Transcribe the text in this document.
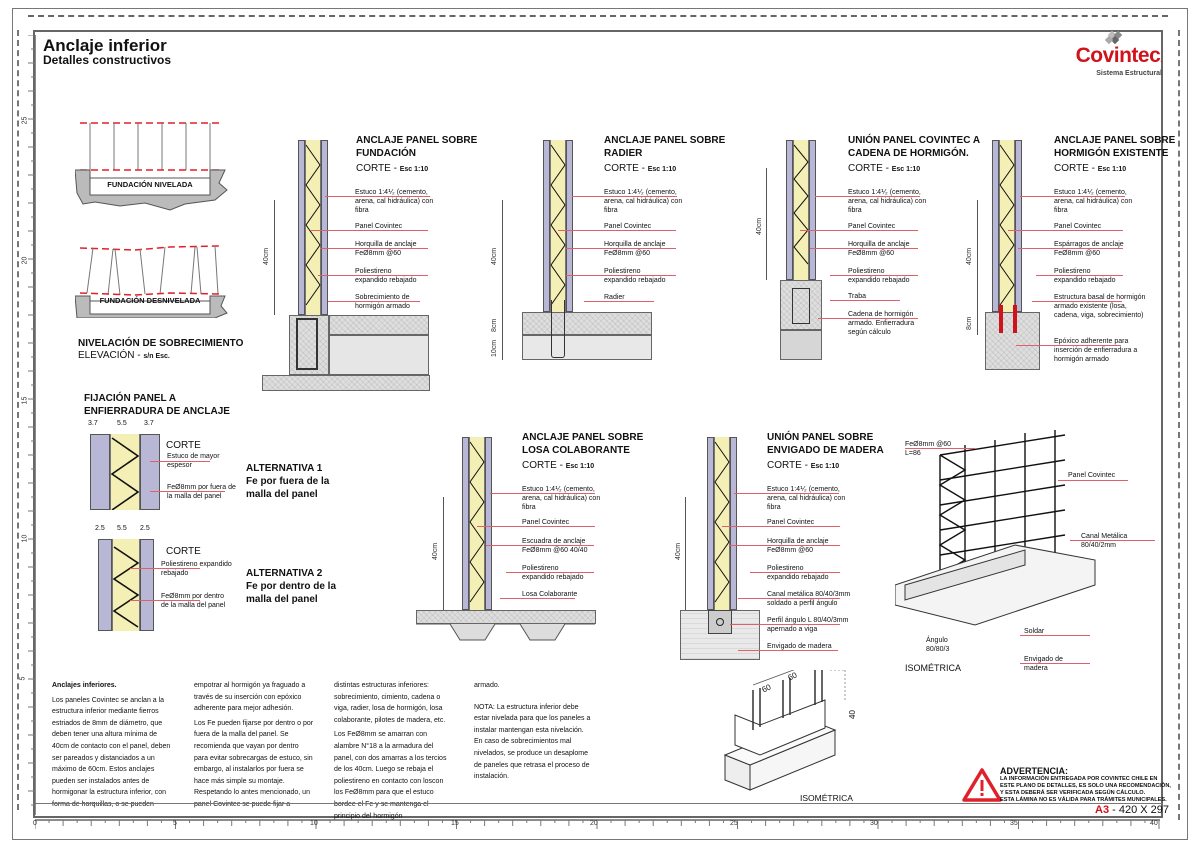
Anclaje inferior
Detalles constructivos	Covintec.
Sistema Estructural
FUNDACIÓN NIVELADA
FUNDACIÓN DESNIVELADA
NIVELACIÓN DE SOBRECIMIENTO
ELEVACIÓN - s/n Esc.
FIJACIÓN PANEL A
ENFIERRADURA DE ANCLAJE
3.7	5.5 3.7
CORTE
Estuco de mayor espesor
FeØ8mm por fuera de la malla del panel
ALTERNATIVA 1
Fe por fuera de la
malla del panel
2.5 5.5 2.5
CORTE
Poliestireno expandido rebajado
FeØ8mm por dentro de la malla del panel
ALTERNATIVA 2
Fe por dentro de la
malla del panel
40cm
ANCLAJE PANEL SOBRE
FUNDACIÓN
CORTE - Esc 1:10
Estuco 1:4⅟₂ (cemento, arena, cal hidráulica) con fibra
Panel Covintec
Horquilla de anclaje FeØ8mm @60
Poliestireno expandido rebajado
Sobrecimiento de hormigón armado
40cm
8cm
10cm
ANCLAJE PANEL SOBRE
RADIER
CORTE - Esc 1:10
Estuco 1:4⅟₂ (cemento, arena, cal hidráulica) con fibra
Panel Covintec
Horquilla de anclaje FeØ8mm @60
Poliestireno expandido rebajado
Radier
40cm
UNIÓN PANEL COVINTEC A
CADENA DE HORMIGÓN.
CORTE - Esc 1:10
Estuco 1:4⅟₂ (cemento, arena, cal hidráulica) con fibra
Panel Covintec
Horquilla de anclaje FeØ8mm @60
Poliestireno expandido rebajado
Traba
Cadena de hormigón armado. Enfierradura según cálculo
40cm
8cm
ANCLAJE PANEL SOBRE
HORMIGÓN EXISTENTE
CORTE - Esc 1:10
Estuco 1:4⅟₂ (cemento, arena, cal hidráulica) con fibra
Panel Covintec
Espárragos de anclaje FeØ8mm @60
Poliestireno expandido rebajado
Estructura basal de hormigón armado existente (losa, cadena, viga, sobrecimiento)
Epóxico adherente para inserción de enfierradura a hormigón armado
40cm
ANCLAJE PANEL SOBRE
LOSA COLABORANTE
CORTE - Esc 1:10
Estuco 1:4⅟₂ (cemento, arena, cal hidráulica) con fibra
Panel Covintec
Escuadra de anclaje FeØ8mm @60 40/40
Poliestireno expandido rebajado
Losa Colaborante
40cm
UNIÓN PANEL SOBRE
ENVIGADO DE MADERA
CORTE - Esc 1:10
Estuco 1:4⅟₂ (cemento, arena, cal hidráulica) con fibra
Panel Covintec
Horquilla de anclaje FeØ8mm @60
Poliestireno expandido rebajado
Canal metálica 80/40/3mm soldado a perfil ángulo
Perfil ángulo L 80/40/3mm apernado a viga
Envigado de madera
FeØ8mm @60 L=86
Panel Covintec
Canal Metálica 80/40/2mm
Soldar
Ángulo 80/80/3
Envigado de madera
ISOMÉTRICA
60
60
40
ISOMÉTRICA

Anclajes inferiores.

Los paneles Covintec se anclan a la estructura inferior mediante fierros estriados de 8mm de diámetro, que deben tener una altura mínima de 40cm de contacto con el panel, deben ser pareados y distanciados a un máximo de 60cm. Estos anclajes pueden ser instalados antes de hormigonar la estructura inferior, con forma de horquillas, o se pueden

empotrar al hormigón ya fraguado a través de su inserción con epóxico adherente para mejor adhesión.

Los Fe pueden fijarse por dentro o por fuera de la malla del panel. Se recomienda que vayan por dentro para evitar sobrecargas de estuco, sin embargo, al instalarlos por fuera se hace más simple su montaje. Respetando lo antes mencionado, un panel Covintec se puede fijar a

distintas estructuras inferiores: sobrecimiento, cimiento, cadena o viga, radier, losa de hormigón, losa colaborante, pilotes de madera, etc.

Los FeØ8mm se amarran con alambre N°18 a la armadura del panel, con dos amarras a los tercios de los 40cm. Luego se rebaja el poliestireno en contacto con loscon los FeØ8mm para que el estuco bordee el Fe y se mantenga el principio del hormigón

armado.

NOTA: La estructura inferior debe estar nivelada para que los paneles a instalar mantengan esta nivelación. En caso de sobrecimientos mal nivelados, se produce un desaplome de paneles que retrasa el proceso de instalación.

ADVERTENCIA:
LA INFORMACIÓN ENTREGADA POR COVINTEC CHILE EN
ESTE PLANO DE DETALLES, ES SOLO UNA RECOMENDACIÓN,
Y ESTA DEBERÁ SER VERIFICADA SEGÚN CÁLCULO.
ESTA LÁMINA NO ES VÁLIDA PARA TRÁMITES MUNICIPALES.
A3 - 420 X 297
0	5	10	15	20	25	30	35	40
25
20
15
10
5
